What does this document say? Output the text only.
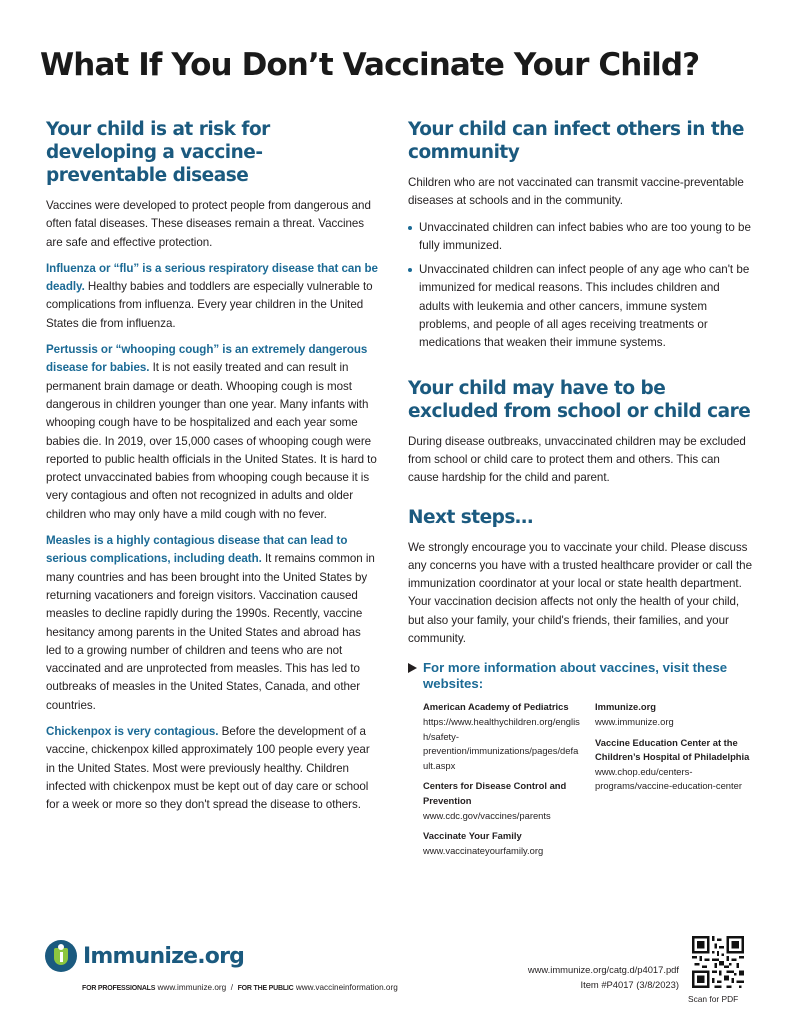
What If You Don’t Vaccinate Your Child?
Your child is at risk for developing a vaccine-preventable disease

Vaccines were developed to protect people from dangerous and often fatal diseases. These diseases remain a threat. Vaccines are safe and effective protection.

Influenza or “flu” is a serious respiratory disease that can be deadly. Healthy babies and toddlers are especially vulnerable to complications from influenza. Every year children in the United States die from influenza.

Pertussis or “whooping cough” is an extremely dangerous disease for babies. It is not easily treated and can result in permanent brain damage or death. Whooping cough is most dangerous in children younger than one year. Many infants with whooping cough have to be hospitalized and each year some babies die. In 2019, over 15,000 cases of whooping cough were reported to public health officials in the United States. It is hard to protect unvaccinated babies from whooping cough because it is very contagious and often not recognized in adults and older children who may only have a mild cough with no fever.

Measles is a highly contagious disease that can lead to serious complications, including death. It remains common in many countries and has been brought into the United States by returning vacationers and foreign visitors. Vaccination caused measles to decline rapidly during the 1990s. Recently, vaccine hesitancy among parents in the United States and abroad has led to a growing number of children and teens who are not vaccinated and are unprotected from measles. This has led to outbreaks of measles in the United States, Canada, and other countries.

Chickenpox is very contagious. Before the development of a vaccine, chickenpox killed approximately 100 people every year in the United States. Most were previously healthy. Children infected with chickenpox must be kept out of day care or school for a week or more so they don't spread the disease to others.

Your child can infect others in the community

Children who are not vaccinated can transmit vaccine-preventable diseases at schools and in the community.

Unvaccinated children can infect babies who are too young to be fully immunized.
Unvaccinated children can infect people of any age who can't be immunized for medical reasons. This includes children and adults with leukemia and other cancers, immune system problems, and people of all ages receiving treatments or medications that weaken their immune systems.
Your child may have to be excluded from school or child care

During disease outbreaks, unvaccinated children may be excluded from school or child care to protect them and others. This can cause hardship for the child and parent.

Next steps…

We strongly encourage you to vaccinate your child. Please discuss any concerns you have with a trusted healthcare provider or call the immunization coordinator at your local or state health department. Your vaccination decision affects not only the health of your child, but also your family, your child's friends, their families, and your community.

For more information about vaccines, visit these websites:
American Academy of Pediatrics
https://www.healthychildren.org/english/safety-prevention/immunizations/pages/default.aspx
Centers for Disease Control and Prevention
www.cdc.gov/vaccines/parents
Vaccinate Your Family
www.vaccinateyourfamily.org
Immunize.org
www.immunize.org
Vaccine Education Center at the Children’s Hospital of Philadelphia
www.chop.edu/centers-programs/vaccine-education-center
Immunize.org
FOR PROFESSIONALS www.immunize.org / FOR THE PUBLIC www.vaccineinformation.org
www.immunize.org/catg.d/p4017.pdf
Item #P4017 (3/8/2023)
Scan for PDF
